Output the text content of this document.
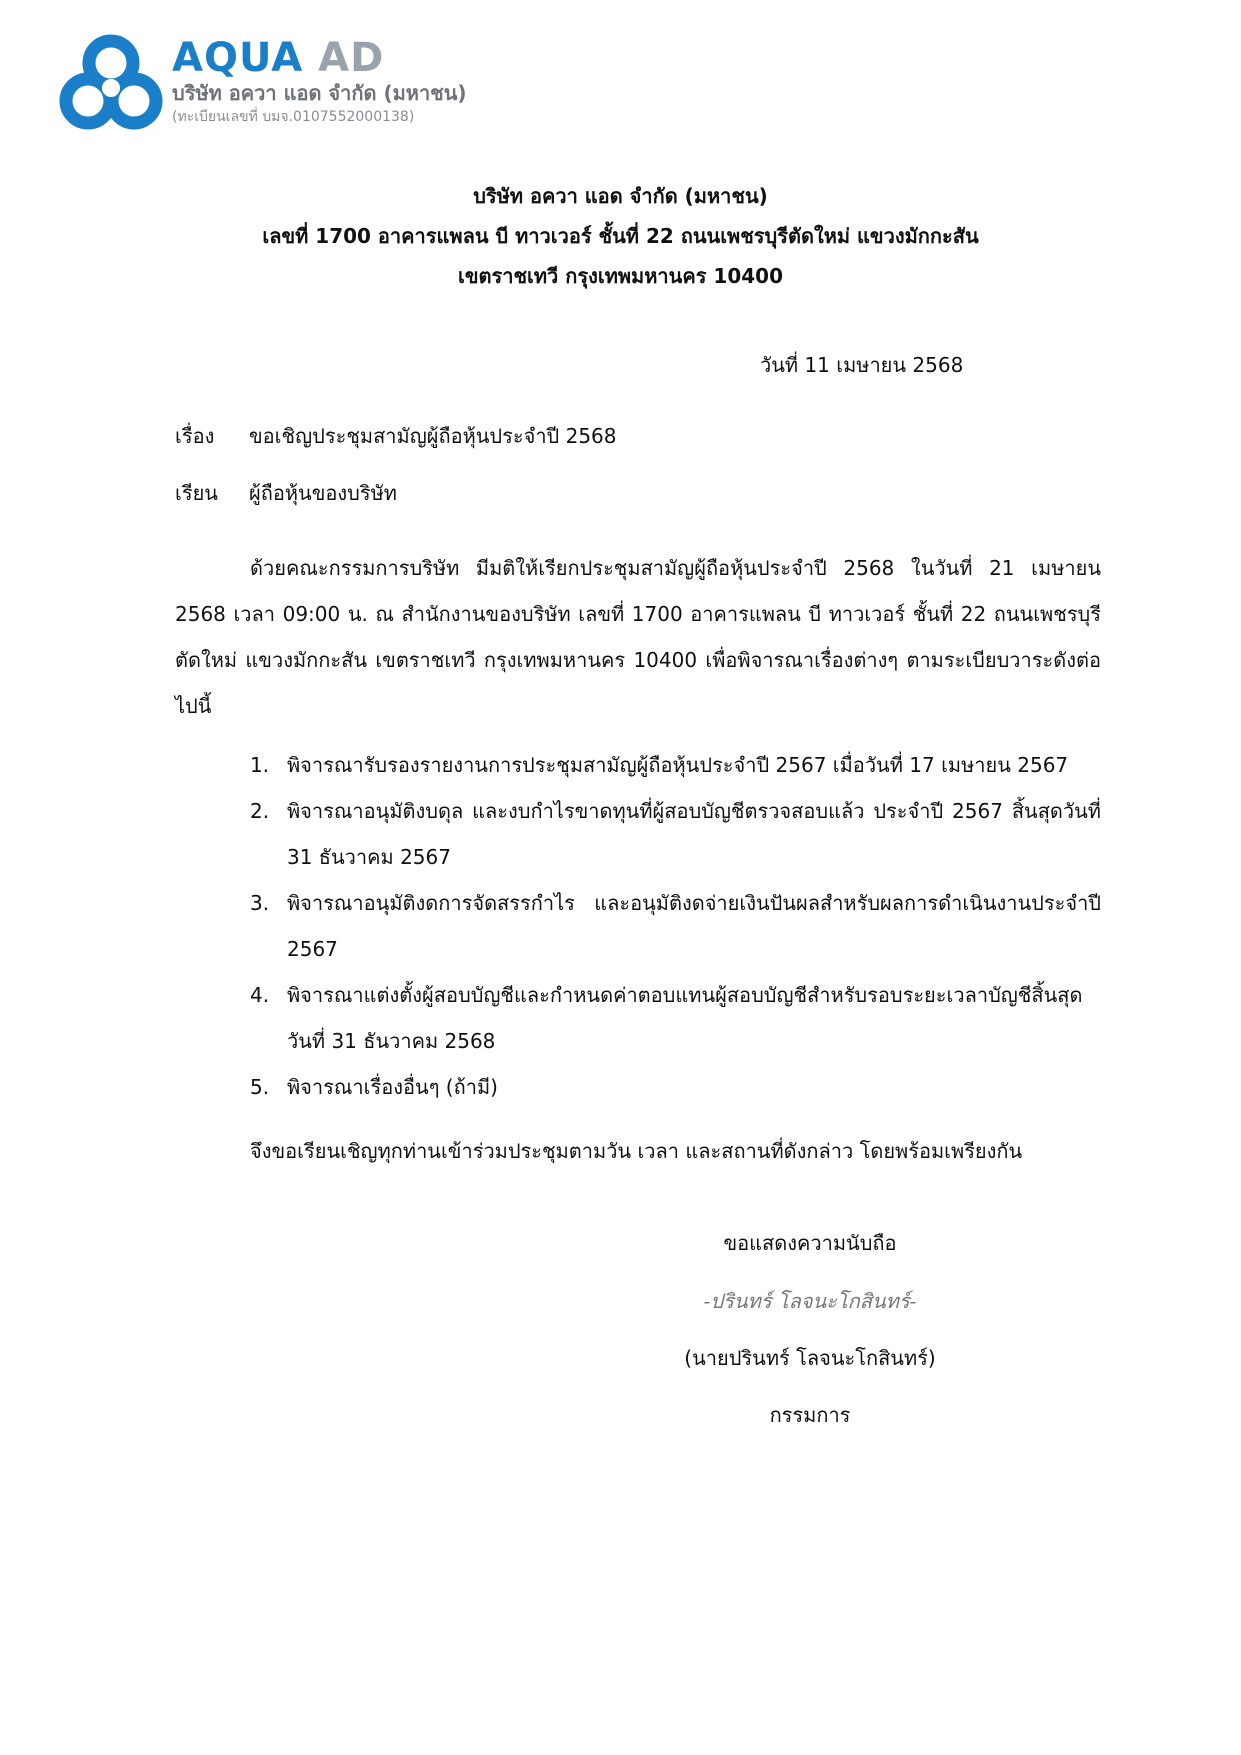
AQUA AD
บริษัท อควา แอด จำกัด (มหาชน)
(ทะเบียนเลขที่ บมจ.0107552000138)
บริษัท อควา แอด จำกัด (มหาชน)
เลขที่ 1700 อาคารแพลน บี ทาวเวอร์ ชั้นที่ 22 ถนนเพชรบุรีตัดใหม่ แขวงมักกะสัน
เขตราชเทวี กรุงเทพมหานคร 10400
วันที่ 11 เมษายน 2568
เรื่อง ขอเชิญประชุมสามัญผู้ถือหุ้นประจำปี 2568
เรียน ผู้ถือหุ้นของบริษัท
ด้วยคณะกรรมการบริษัท มีมติให้เรียกประชุมสามัญผู้ถือหุ้นประจำปี 2568 ในวันที่ 21 เมษายน 2568 เวลา 09:00 น. ณ สำนักงานของบริษัท เลขที่ 1700 อาคารแพลน บี ทาวเวอร์ ชั้นที่ 22 ถนนเพชรบุรีตัดใหม่ แขวงมักกะสัน เขตราชเทวี กรุงเทพมหานคร 10400 เพื่อพิจารณาเรื่องต่างๆ ตามระเบียบวาระดังต่อไปนี้
1. พิจารณารับรองรายงานการประชุมสามัญผู้ถือหุ้นประจำปี 2567 เมื่อวันที่ 17 เมษายน 2567
2. พิจารณาอนุมัติงบดุล และงบกำไรขาดทุนที่ผู้สอบบัญชีตรวจสอบแล้ว ประจำปี 2567 สิ้นสุดวันที่ 31 ธันวาคม 2567
3. พิจารณาอนุมัติงดการจัดสรรกำไร และอนุมัติงดจ่ายเงินปันผลสำหรับผลการดำเนินงานประจำปี 2567
4. พิจารณาแต่งตั้งผู้สอบบัญชีและกำหนดค่าตอบแทนผู้สอบบัญชีสำหรับรอบระยะเวลาบัญชีสิ้นสุดวันที่ 31 ธันวาคม 2568
5. พิจารณาเรื่องอื่นๆ (ถ้ามี)
จึงขอเรียนเชิญทุกท่านเข้าร่วมประชุมตามวัน เวลา และสถานที่ดังกล่าว โดยพร้อมเพรียงกัน
ขอแสดงความนับถือ
-ปรินทร์ โลจนะโกสินทร์-
(นายปรินทร์ โลจนะโกสินทร์)
กรรมการ
